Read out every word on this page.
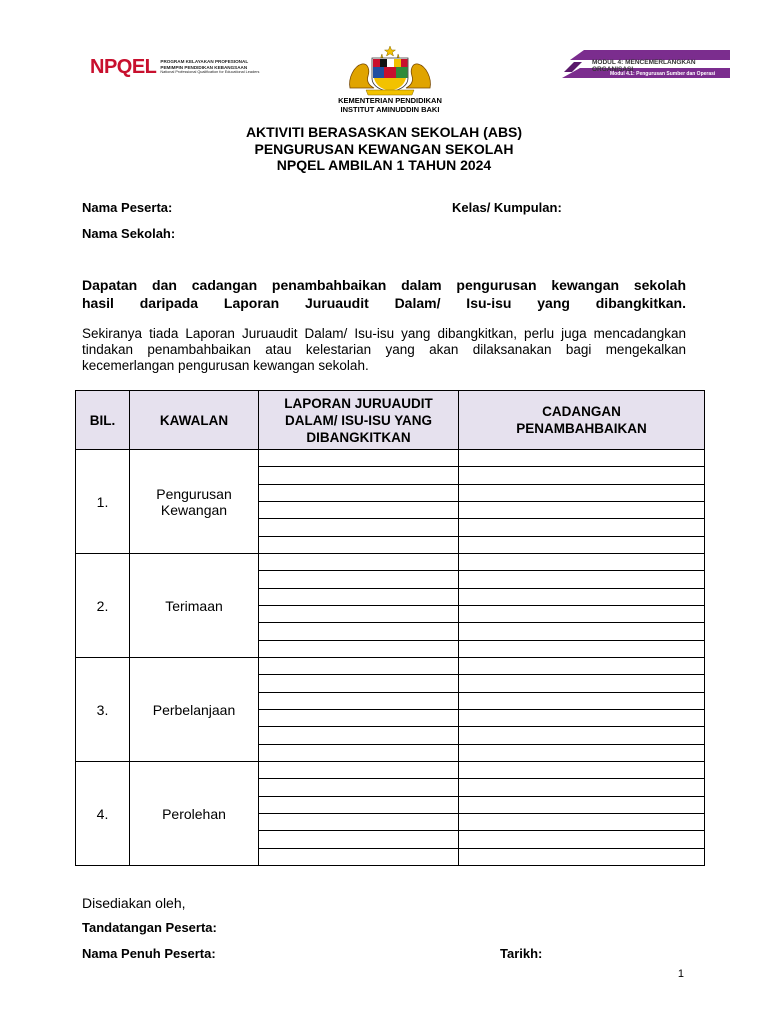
NPQEL PROGRAM KELAYAKAN PROFESIONAL
PEMIMPIN PENDIDIKAN KEBANGSAAN
National Professional Qualification for Educational Leaders
KEMENTERIAN PENDIDIKAN
INSTITUT AMINUDDIN BAKI
MODUL 4: MENCEMERLANGKAN ORGANISASI
Modul 4.1: Pengurusan Sumber dan Operasi
AKTIVITI BERASASKAN SEKOLAH (ABS)
PENGURUSAN KEWANGAN SEKOLAH
NPQEL AMBILAN 1 TAHUN 2024
Nama Peserta:	Kelas/ Kumpulan:
Nama Sekolah:
Dapatan dan cadangan penambahbaikan dalam pengurusan kewangan sekolah
hasil daripada Laporan Juruaudit Dalam/ Isu-isu yang dibangkitkan.
Sekiranya tiada Laporan Juruaudit Dalam/ Isu-isu yang dibangkitkan, perlu juga mencadangkan tindakan penambahbaikan atau kelestarian yang akan dilaksanakan bagi mengekalkan kecemerlangan pengurusan kewangan sekolah.
BIL.	KAWALAN	LAPORAN JURUAUDIT DALAM/ ISU-ISU YANG DIBANGKITKAN	CADANGAN PENAMBAHBAIKAN

1.	Pengurusan Kewangan		

2.	Terimaan	

3.	Perbelanjaan	

4.	Perolehan	

Disediakan oleh,
Tandatangan Peserta:
Nama Penuh Peserta:	Tarikh:
1
